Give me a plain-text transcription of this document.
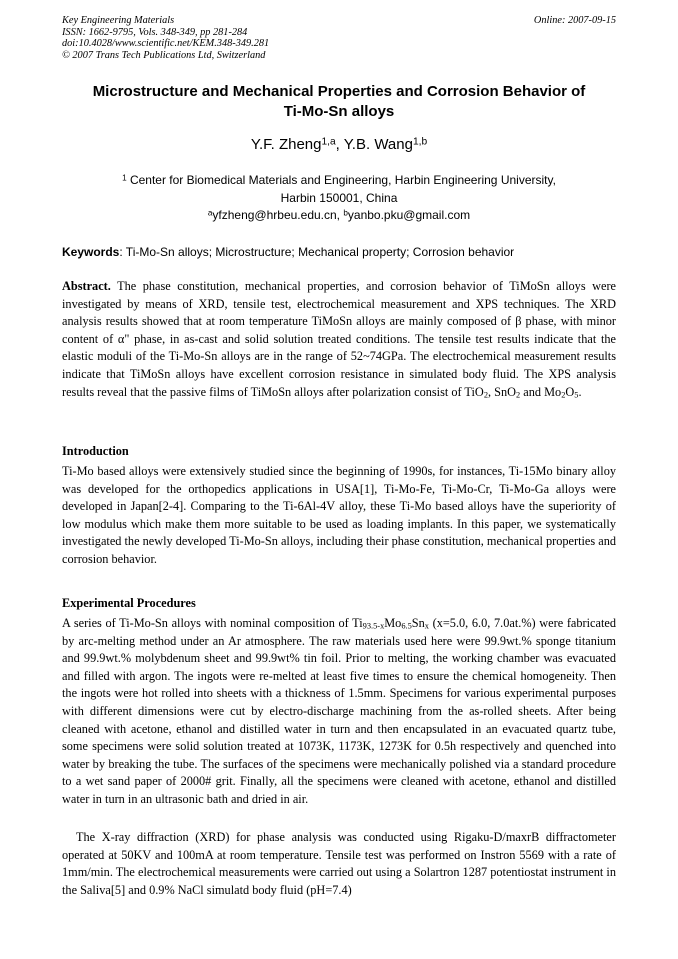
Key Engineering Materials
ISSN: 1662-9795, Vols. 348-349, pp 281-284
doi:10.4028/www.scientific.net/KEM.348-349.281
© 2007 Trans Tech Publications Ltd, Switzerland
Online: 2007-09-15
Microstructure and Mechanical Properties and Corrosion Behavior of
Ti-Mo-Sn alloys
Y.F. Zheng$^{1,a}$, Y.B. Wang$^{1,b}$
$^1$ Center for Biomedical Materials and Engineering, Harbin Engineering University,
Harbin 150001, China
$^a$yfzheng@hrbeu.edu.cn, $^b$yanbo.pku@gmail.com
Keywords: Ti-Mo-Sn alloys; Microstructure; Mechanical property; Corrosion behavior

Abstract. The phase constitution, mechanical properties, and corrosion behavior of TiMoSn alloys were investigated by means of XRD, tensile test, electrochemical measurement and XPS techniques. The XRD analysis results showed that at room temperature TiMoSn alloys are mainly composed of β phase, with minor content of α" phase, in as-cast and solid solution treated conditions. The tensile test results indicate that the elastic moduli of the Ti-Mo-Sn alloys are in the range of 52~74GPa. The electrochemical measurement results indicate that TiMoSn alloys have excellent corrosion resistance in simulated body fluid. The XPS analysis results reveal that the passive films of TiMoSn alloys after polarization consist of TiO$_2$, SnO$_2$ and $Mo_2O_5$.

Introduction

Ti-Mo based alloys were extensively studied since the beginning of 1990s, for instances, Ti-15Mo binary alloy was developed for the orthopedics applications in USA[1], Ti-Mo-Fe, Ti-Mo-Cr, Ti-Mo-Ga alloys were developed in Japan[2-4]. Comparing to the Ti-6Al-4V alloy, these Ti-Mo based alloys have the superiority of low modulus which make them more suitable to be used as loading implants. In this paper, we systematically investigated the newly developed Ti-Mo-Sn alloys, including their phase constitution, mechanical properties and corrosion behavior.

Experimental Procedures

A series of Ti-Mo-Sn alloys with nominal composition of $Ti_{93.5-x}Mo_{6.5}Sn_x$ (x=5.0, 6.0, 7.0at.%) were fabricated by arc-melting method under an Ar atmosphere. The raw materials used here were 99.9wt.% sponge titanium and 99.9wt.% molybdenum sheet and 99.9wt% tin foil. Prior to melting, the working chamber was evacuated and filled with argon. The ingots were re-melted at least five times to ensure the chemical homogeneity. Then the ingots were hot rolled into sheets with a thickness of 1.5mm. Specimens for various experimental purposes with different dimensions were cut by electro-discharge machining from the as-rolled sheets. After being cleaned with acetone, ethanol and distilled water in turn and then encapsulated in an evacuated quartz tube, some specimens were solid solution treated at 1073K, 1173K, 1273K for 0.5h respectively and quenched into water by breaking the tube. The surfaces of the specimens were mechanically polished via a standard procedure to a wet sand paper of 2000# grit. Finally, all the specimens were cleaned with acetone, ethanol and distilled water in turn in an ultrasonic bath and dried in air.

The X-ray diffraction (XRD) for phase analysis was conducted using Rigaku-D/maxrB diffractometer operated at 50KV and 100mA at room temperature. Tensile test was performed on Instron 5569 with a rate of 1mm/min. The electrochemical measurements were carried out using a Solartron 1287 potentiostat instrument in the Saliva[5] and 0.9% NaCl simulatd body fluid (pH=7.4)
